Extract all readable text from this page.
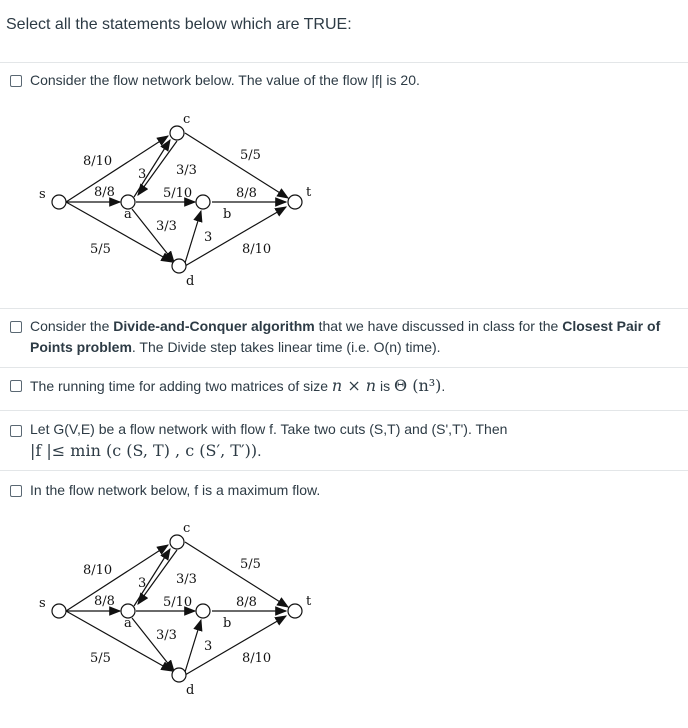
Select all the statements below which are TRUE:
Consider the flow network below. The value of the flow |f| is 20.
s
a
c
b
d
t
8/10
8/8
5/5
3 3/3
5/10
3/3
5/5
8/8
8/10
3
Consider the Divide-and-Conquer algorithm that we have discussed in class for the Closest Pair of Points problem. The Divide step takes linear time (i.e. O(n) time).
The running time for adding two matrices of size n × n is Θ (n³).
Let G(V,E) be a flow network with flow f. Take two cuts (S,T) and (S',T'). Then
|f |≤ min (c (S, T) , c (S′, T′)).
In the flow network below, f is a maximum flow.
s
a
c
b
d
t
8/10
8/8
5/5
3 3/3
5/10
3/3
5/5
8/8
8/10
3
